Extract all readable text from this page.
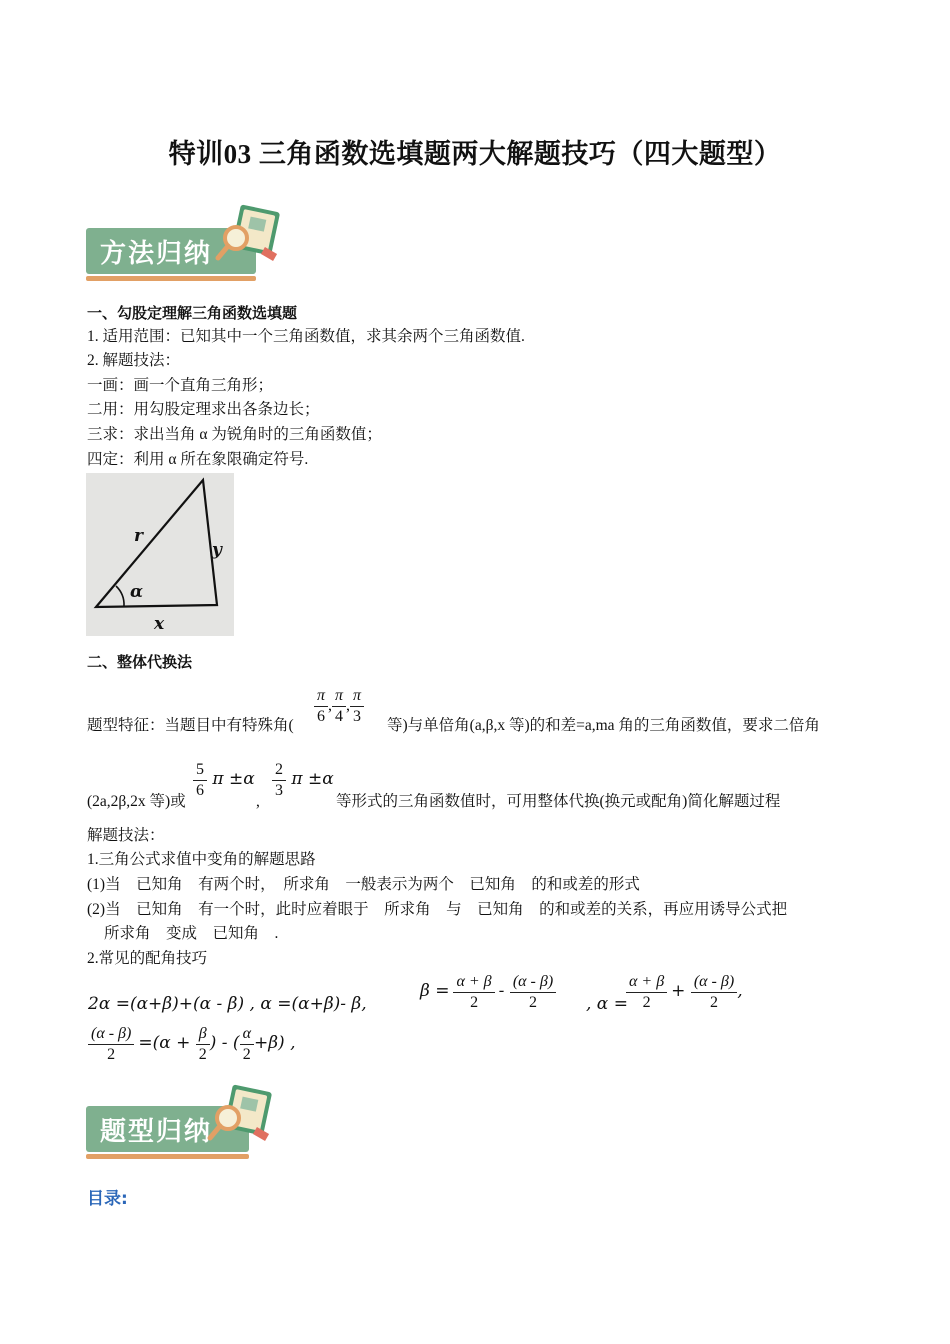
特训03 三角函数选填题两大解题技巧（四大题型）
方法归纳
一、勾股定理解三角函数选填题
1. 适用范围：已知其中一个三角函数值，求其余两个三角函数值.
2. 解题技法：
一画：画一个直角三角形；
二用：用勾股定理求出各条边长；
三求：求出当角 α 为锐角时的三角函数值；
四定：利用 α 所在象限确定符号.
r
y
x
α
二、整体代换法
题型特征：当题目中有特殊角( $\frac{\pi}{6}$ , $\frac{\pi}{4}$ , $\frac{\pi}{3}$ 等)与单倍角(a,β,x 等)的和差=a,ma 角的三角函数值，要求二倍角
(2a,2β,2x 等)或
$\frac{5}{6}$ π ±α
,
$\frac{2}{3}$ π ±α
等形式的三角函数值时，可用整体代换(换元或配角)简化解题过程
解题技法：
1.三角公式求值中变角的解题思路
(1)当　已知角　有两个时，　所求角　一般表示为两个　已知角　的和或差的形式
(2)当　已知角　有一个时，此时应着眼于　所求角　与　已知角　的和或差的关系，再应用诱导公式把
所求角　变成　已知角　.
2.常见的配角技巧
2α =(α+β)+(α - β) , α =(α+β)- β,
$\beta = \frac{\alpha + \beta}{2} - \frac{(\alpha - \beta)}{2}$ , α =
$\frac{\alpha + \beta}{2} + \frac{(\alpha - \beta)}{2}$ ,
$\frac{(\alpha - \beta)}{2} =(\alpha + \frac{\beta}{2}$ ) - ( $\frac{\alpha}{2} +\beta$) ,
题型归纳
目录:
